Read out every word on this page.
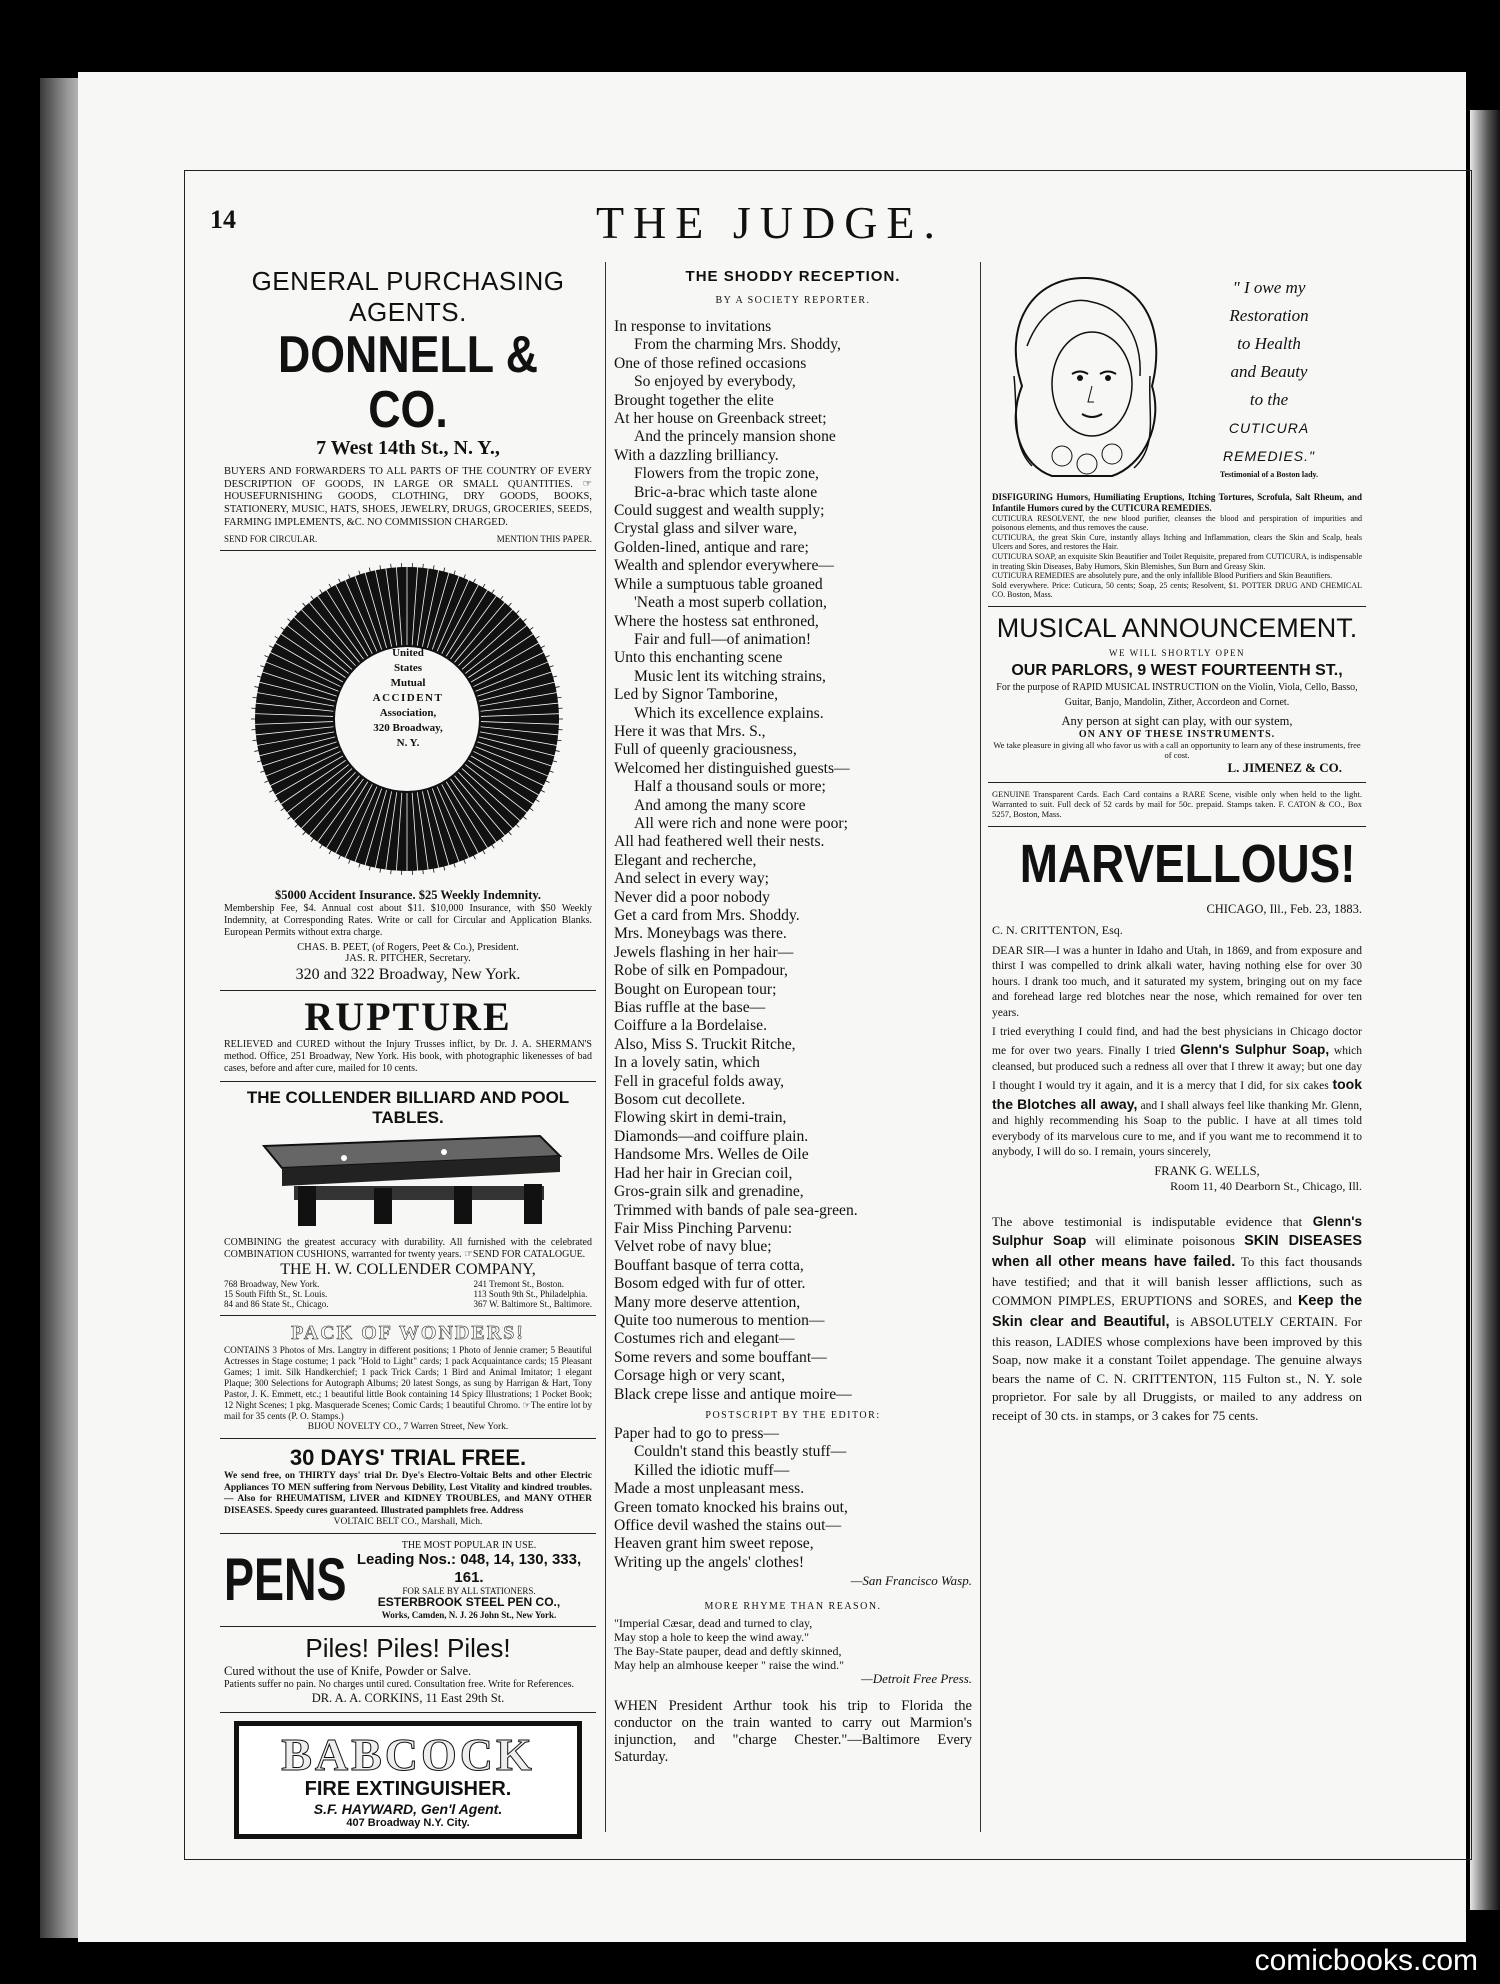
14	THE JUDGE.
GENERAL PURCHASING AGENTS.
DONNELL & CO.
7 West 14th St., N. Y.,
BUYERS AND FORWARDERS TO ALL PARTS OF THE COUNTRY OF EVERY DESCRIPTION OF GOODS, IN LARGE OR SMALL QUANTITIES. ☞HOUSEFURNISHING GOODS, CLOTHING, DRY GOODS, BOOKS, STATIONERY, MUSIC, HATS, SHOES, JEWELRY, DRUGS, GROCERIES, SEEDS, FARMING IMPLEMENTS, &C. NO COMMISSION CHARGED.
SEND FOR CIRCULAR.	MENTION THIS PAPER.
United
States
Mutual
ACCIDENT
Association,
320 Broadway,
N. Y.
$5000 Accident Insurance. $25 Weekly Indemnity.
Membership Fee, $4. Annual cost about $11. $10,000 Insurance, with $50 Weekly Indemnity, at Corresponding Rates. Write or call for Circular and Application Blanks. European Permits without extra charge.
CHAS. B. PEET, (of Rogers, Peet & Co.), President.
JAS. R. PITCHER, Secretary.
320 and 322 Broadway, New York.
RUPTURE
RELIEVED and CURED without the Injury Trusses inflict, by Dr. J. A. SHERMAN'S method. Office, 251 Broadway, New York. His book, with photographic likenesses of bad cases, before and after cure, mailed for 10 cents.
THE COLLENDER BILLIARD AND POOL TABLES.
COMBINING the greatest accuracy with durability. All furnished with the celebrated COMBINATION CUSHIONS, warranted for twenty years. ☞SEND FOR CATALOGUE.
THE H. W. COLLENDER COMPANY,
768 Broadway, New York.
15 South Fifth St., St. Louis.
84 and 86 State St., Chicago.
241 Tremont St., Boston.
113 South 9th St., Philadelphia.
367 W. Baltimore St., Baltimore.
PACK OF WONDERS!
CONTAINS 3 Photos of Mrs. Langtry in different positions; 1 Photo of Jennie cramer; 5 Beautiful Actresses in Stage costume; 1 pack "Hold to Light" cards; 1 pack Acquaintance cards; 15 Pleasant Games; 1 imit. Silk Handkerchief; 1 pack Trick Cards; 1 Bird and Animal Imitator; 1 elegant Plaque; 300 Selections for Autograph Albums; 20 latest Songs, as sung by Harrigan & Hart, Tony Pastor, J. K. Emmett, etc.; 1 beautiful little Book containing 14 Spicy Illustrations; 1 Pocket Book; 12 Night Scenes; 1 pkg. Masquerade Scenes; Comic Cards; 1 beautiful Chromo. ☞The entire lot by mail for 35 cents (P. O. Stamps.)
BIJOU NOVELTY CO., 7 Warren Street, New York.
30 DAYS' TRIAL FREE.
We send free, on THIRTY days' trial Dr. Dye's Electro-Voltaic Belts and other Electric Appliances TO MEN suffering from Nervous Debility, Lost Vitality and kindred troubles.— Also for RHEUMATISM, LIVER and KIDNEY TROUBLES, and MANY OTHER DISEASES. Speedy cures guaranteed. Illustrated pamphlets free. Address
VOLTAIC BELT CO., Marshall, Mich.
PENS
THE MOST POPULAR IN USE.
Leading Nos.: 048, 14, 130, 333, 161.
FOR SALE BY ALL STATIONERS.
ESTERBROOK STEEL PEN CO.,
Works, Camden, N. J. 26 John St., New York.
Piles! Piles! Piles!
Cured without the use of Knife, Powder or Salve.
Patients suffer no pain. No charges until cured. Consultation free. Write for References.
DR. A. A. CORKINS, 11 East 29th St.
BABCOCK
FIRE EXTINGUISHER.
S.F. HAYWARD, Gen'l Agent.
407 Broadway N.Y. City.
THE SHODDY RECEPTION.
BY A SOCIETY REPORTER.
In response to invitations
From the charming Mrs. Shoddy,
One of those refined occasions
So enjoyed by everybody,
Brought together the elite
At her house on Greenback street;
And the princely mansion shone
With a dazzling brilliancy.
Flowers from the tropic zone,
Bric-a-brac which taste alone
Could suggest and wealth supply;
Crystal glass and silver ware,
Golden-lined, antique and rare;
Wealth and splendor everywhere—
While a sumptuous table groaned
'Neath a most superb collation,
Where the hostess sat enthroned,
Fair and full—of animation!
Unto this enchanting scene
Music lent its witching strains,
Led by Signor Tamborine,
Which its excellence explains.
Here it was that Mrs. S.,
Full of queenly graciousness,
Welcomed her distinguished guests—
Half a thousand souls or more;
And among the many score
All were rich and none were poor;
All had feathered well their nests.
Elegant and recherche,
And select in every way;
Never did a poor nobody
Get a card from Mrs. Shoddy.
Mrs. Moneybags was there.
Jewels flashing in her hair—
Robe of silk en Pompadour,
Bought on European tour;
Bias ruffle at the base—
Coiffure a la Bordelaise.
Also, Miss S. Truckit Ritche,
In a lovely satin, which
Fell in graceful folds away,
Bosom cut decollete.
Flowing skirt in demi-train,
Diamonds—and coiffure plain.
Handsome Mrs. Welles de Oile
Had her hair in Grecian coil,
Gros-grain silk and grenadine,
Trimmed with bands of pale sea-green.
Fair Miss Pinching Parvenu:
Velvet robe of navy blue;
Bouffant basque of terra cotta,
Bosom edged with fur of otter.
Many more deserve attention,
Quite too numerous to mention—
Costumes rich and elegant—
Some revers and some bouffant—
Corsage high or very scant,
Black crepe lisse and antique moire—
POSTSCRIPT BY THE EDITOR:
Paper had to go to press—
Couldn't stand this beastly stuff—
Killed the idiotic muff—
Made a most unpleasant mess.
Green tomato knocked his brains out,
Office devil washed the stains out—
Heaven grant him sweet repose,
Writing up the angels' clothes!
—San Francisco Wasp.
MORE RHYME THAN REASON.
"Imperial Cæsar, dead and turned to clay,
May stop a hole to keep the wind away."
The Bay-State pauper, dead and deftly skinned,
May help an almhouse keeper " raise the wind."
—Detroit Free Press.
WHEN President Arthur took his trip to Florida the conductor on the train wanted to carry out Marmion's injunction, and "charge Chester."—Baltimore Every Saturday.
" I owe my
Restoration
to Health
and Beauty
to the
CUTICURA
REMEDIES."
Testimonial of a Boston lady.
DISFIGURING Humors, Humiliating Eruptions, Itching Tortures, Scrofula, Salt Rheum, and Infantile Humors cured by the CUTICURA REMEDIES.
CUTICURA RESOLVENT, the new blood purifier, cleanses the blood and perspiration of impurities and poisonous elements, and thus removes the cause.
CUTICURA, the great Skin Cure, instantly allays Itching and Inflammation, clears the Skin and Scalp, heals Ulcers and Sores, and restores the Hair.
CUTICURA SOAP, an exquisite Skin Beautifier and Toilet Requisite, prepared from CUTICURA, is indispensable in treating Skin Diseases, Baby Humors, Skin Blemishes, Sun Burn and Greasy Skin.
CUTICURA REMEDIES are absolutely pure, and the only infallible Blood Purifiers and Skin Beautifiers.
Sold everywhere. Price: Cuticura, 50 cents; Soap, 25 cents; Resolvent, $1. POTTER DRUG AND CHEMICAL CO. Boston, Mass.
MUSICAL ANNOUNCEMENT.
WE WILL SHORTLY OPEN
OUR PARLORS, 9 WEST FOURTEENTH ST.,
For the purpose of RAPID MUSICAL INSTRUCTION on the Violin, Viola, Cello, Basso, Guitar, Banjo, Mandolin, Zither, Accordeon and Cornet.
Any person at sight can play, with our system,
ON ANY OF THESE INSTRUMENTS.
We take pleasure in giving all who favor us with a call an opportunity to learn any of these instruments, free of cost.
L. JIMENEZ & CO.
GENUINE Transparent Cards. Each Card contains a RARE Scene, visible only when held to the light. Warranted to suit. Full deck of 52 cards by mail for 50c. prepaid. Stamps taken. F. CATON & CO., Box 5257, Boston, Mass.
MARVELLOUS!
CHICAGO, Ill., Feb. 23, 1883.
C. N. CRITTENTON, Esq.
DEAR SIR—I was a hunter in Idaho and Utah, in 1869, and from exposure and thirst I was compelled to drink alkali water, having nothing else for over 30 hours. I drank too much, and it saturated my system, bringing out on my face and forehead large red blotches near the nose, which remained for over ten years.
I tried everything I could find, and had the best physicians in Chicago doctor me for over two years. Finally I tried Glenn's Sulphur Soap, which cleansed, but produced such a redness all over that I threw it away; but one day I thought I would try it again, and it is a mercy that I did, for six cakes took the Blotches all away, and I shall always feel like thanking Mr. Glenn, and highly recommending his Soap to the public. I have at all times told everybody of its marvelous cure to me, and if you want me to recommend it to anybody, I will do so. I remain, yours sincerely,
FRANK G. WELLS,
Room 11, 40 Dearborn St., Chicago, Ill.
The above testimonial is indisputable evidence that Glenn's Sulphur Soap will eliminate poisonous SKIN DISEASES when all other means have failed. To this fact thousands have testified; and that it will banish lesser afflictions, such as COMMON PIMPLES, ERUPTIONS and SORES, and Keep the Skin clear and Beautiful, is ABSOLUTELY CERTAIN. For this reason, LADIES whose complexions have been improved by this Soap, now make it a constant Toilet appendage. The genuine always bears the name of C. N. CRITTENTON, 115 Fulton st., N. Y. sole proprietor. For sale by all Druggists, or mailed to any address on receipt of 30 cts. in stamps, or 3 cakes for 75 cents.
comicbooks.com
